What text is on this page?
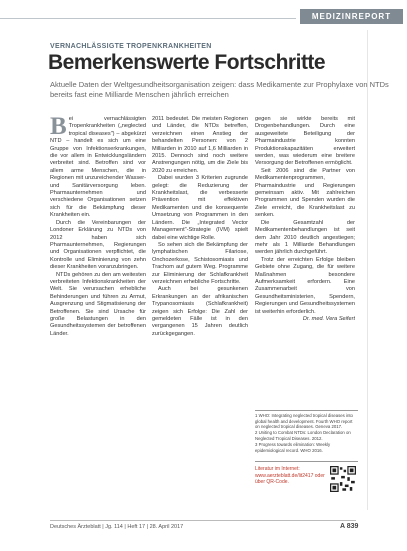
MEDIZINREPORT
VERNACHLÄSSIGTE TROPENKRANKHEITEN
Bemerkenswerte Fortschritte

Aktuelle Daten der Weltgesundheitsorganisation zeigen: dass Medikamente zur Prophylaxe von NTDs bereits fast eine Milliarde Menschen jährlich erreichen

B ei vernachlässigten Tropenkrankheiten („neglected tropical diseases") – abgekürzt NTD – handelt es sich um eine Gruppe von Infektionserkrankungen, die vor allem in Entwicklungsländern verbreitet sind. Betroffen sind vor allem arme Menschen, die in Regionen mit unzureichender Wasser- und Sanitärversorgung leben. Pharmaunternehmen und verschiedene Organisationen setzen sich für die Bekämpfung dieser Krankheiten ein.

Durch die Vereinbarungen der Londoner Erklärung zu NTDs von 2012 haben sich Pharmaunternehmen, Regierungen und Organisationen verpflichtet, die Kontrolle und Eliminierung von zehn dieser Krankheiten voranzubringen.

NTDs gehören zu den am weitesten verbreiteten Infektionskrankheiten der Welt. Sie verursachen erhebliche Behinderungen und führen zu Armut, Ausgrenzung und Stigmatisierung der Betroffenen. Sie sind Ursache für große Belastungen in den Gesundheitssystemen der betroffenen Länder.

2011 bedeutet. Die meisten Regionen und Länder, die NTDs betreffen, verzeichnen einen Anstieg der behandelten Personen: von 2 Milliarden in 2010 auf 1,6 Milliarden in 2015. Dennoch sind noch weitere Anstrengungen nötig, um die Ziele bis 2020 zu erreichen.

Dabei wurden 3 Kriterien zugrunde gelegt: die Reduzierung der Krankheitslast, die verbesserte Prävention mit effektiven Medikamenten und die konsequente Umsetzung von Programmen in den Ländern. Die „Integrated Vector Management"-Strategie (IVM) spielt dabei eine wichtige Rolle.

So sehen sich die Bekämpfung der lymphatischen Filariose, Onchozerkose, Schistosomiasis und Trachom auf gutem Weg. Programme zur Eliminierung der Schlafkrankheit verzeichnen erhebliche Fortschritte.

Auch bei gesunkenen Erkrankungen an der afrikanischen Trypanosomiasis (Schlafkrankheit) zeigen sich Erfolge: Die Zahl der gemeldeten Fälle ist in den vergangenen 15 Jahren deutlich zurückgegangen.

gegen sie wirkte bereits mit Drogenbehandlungen. Durch eine ausgeweitete Beteiligung der Pharmaindustrie konnten Produktionskapazitäten erweitert werden, was wiederum eine breitere Versorgung der Betroffenen ermöglicht.

Seit 2006 sind die Partner von Medikamentenprogrammen, Pharmaindustrie und Regierungen gemeinsam aktiv. Mit zahlreichen Programmen und Spenden wurden die Ziele erreicht, die Krankheitslast zu senken.

Die Gesamtzahl der Medikamentenbehandlungen ist seit dem Jahr 2010 deutlich angestiegen; mehr als 1 Milliarde Behandlungen werden jährlich durchgeführt.

Trotz der erreichten Erfolge bleiben Gebiete ohne Zugang, die für weitere Maßnahmen besondere Aufmerksamkeit erfordern. Eine Zusammenarbeit von Gesundheitsministerien, Spendern, Regierungen und Gesundheitssystemen ist weiterhin erforderlich.

Dr. med. Vera Seifert

1 WHO: Integrating neglected tropical diseases into global health and development. Fourth WHO report on neglected tropical diseases. Geneva 2017.
2 Uniting to Combat NTDs: London Declaration on Neglected Tropical Diseases. 2012.
3 Progress towards elimination: Weekly epidemiological record. WHO 2016.
Literatur im Internet: www.aerzteblatt.de/lit2417 oder über QR-Code.
Deutsches Ärzteblatt | Jg. 114 | Heft 17 | 28. April 2017	A 839
